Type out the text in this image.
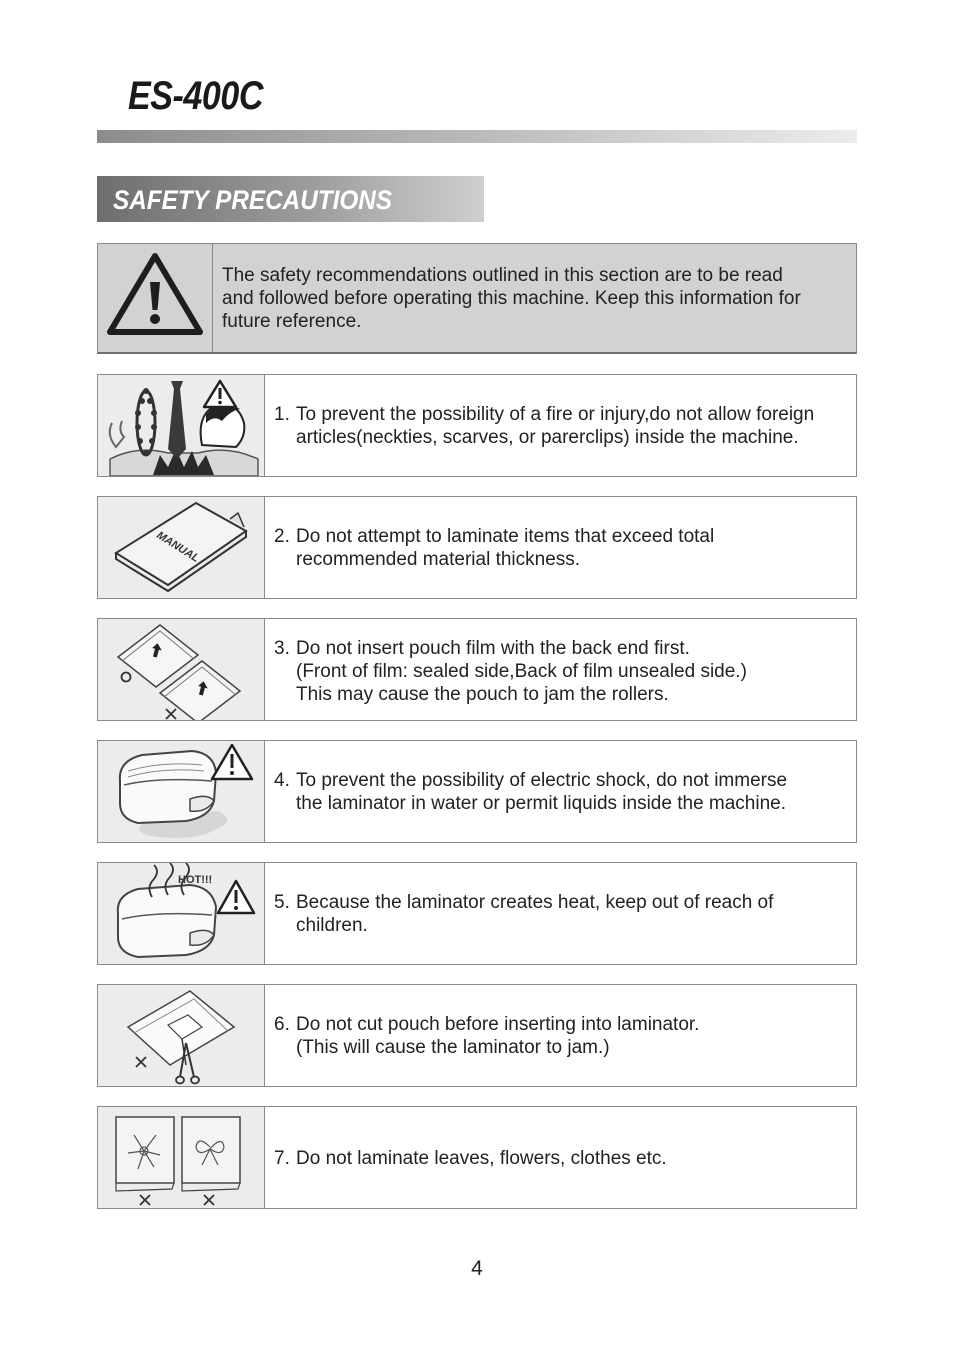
ES-400C
SAFETY PRECAUTIONS
The safety recommendations outlined in this section are to be read
and followed before operating this machine. Keep this information for
future reference.
1. To prevent the possibility of a fire or injury,do not allow foreign
articles(neckties, scarves, or parerclips) inside the machine.
MANUAL	2. Do not attempt to laminate items that exceed total
recommended material thickness.
3. Do not insert pouch film with the back end first.
(Front of film: sealed side,Back of film unsealed side.)
This may cause the pouch to jam the rollers.
4. To prevent the possibility of electric shock, do not immerse
the laminator in water or permit liquids inside the machine.
HOT!!!
5. Because the laminator creates heat, keep out of reach of
children.
6. Do not cut pouch before inserting into laminator.
(This will cause the laminator to jam.)
7. Do not laminate leaves, flowers, clothes etc.
4
